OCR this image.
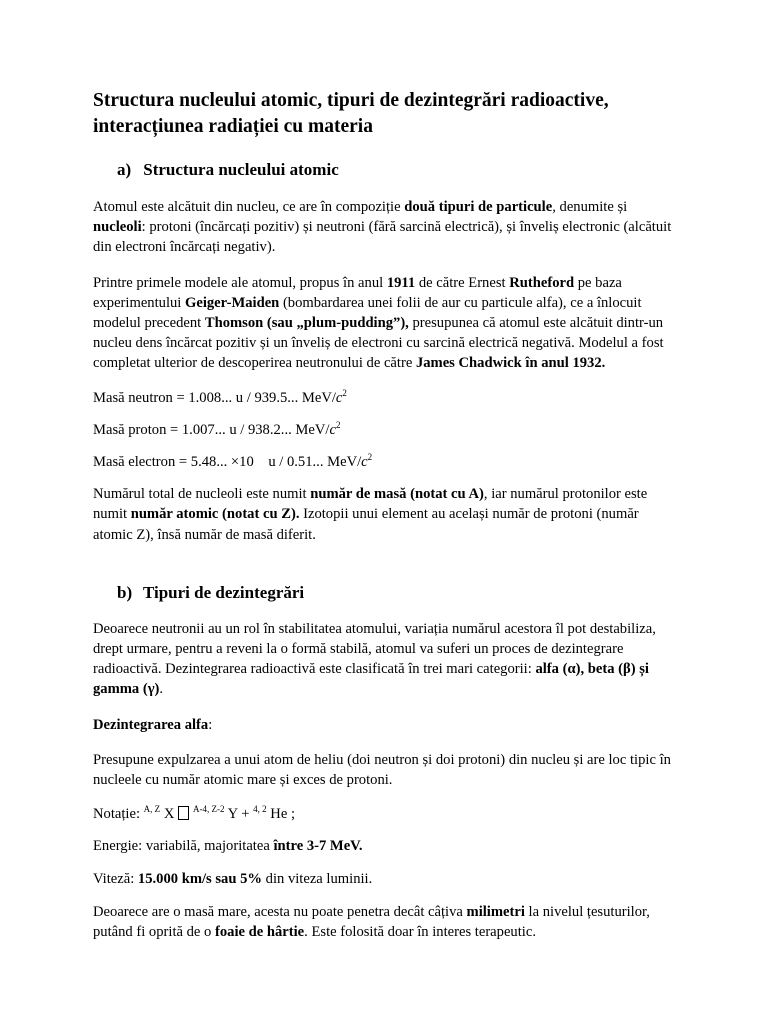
Structura nucleului atomic, tipuri de dezintegrări radioactive, interacțiunea radiației cu materia
a) Structura nucleului atomic

Atomul este alcătuit din nucleu, ce are în compoziție două tipuri de particule, denumite și nucleoli: protoni (încărcați pozitiv) și neutroni (fără sarcină electrică), și înveliș electronic (alcătuit din electroni încărcați negativ).

Printre primele modele ale atomul, propus în anul 1911 de către Ernest Rutheford pe baza experimentului Geiger-Maiden (bombardarea unei folii de aur cu particule alfa), ce a înlocuit modelul precedent Thomson (sau „plum-pudding”), presupunea că atomul este alcătuit dintr-un nucleu dens încărcat pozitiv și un înveliș de electroni cu sarcină electrică negativă. Modelul a fost completat ulterior de descoperirea neutronului de către James Chadwick în anul 1932.

Masă neutron = 1.008... u / 939.5... MeV/$c^2$

Masă proton = 1.007... u / 938.2... MeV/$c^2$

Masă electron = 5.48... ×10    u / 0.51... MeV/$c^2$

Numărul total de nucleoli este numit număr de masă (notat cu A), iar numărul protonilor este numit număr atomic (notat cu Z). Izotopii unui element au același număr de protoni (număr atomic Z), însă număr de masă diferit.

b) Tipuri de dezintegrări

Deoarece neutronii au un rol în stabilitatea atomului, variația numărul acestora îl pot destabiliza, drept urmare, pentru a reveni la o formă stabilă, atomul va suferi un proces de dezintegrare radioactivă. Dezintegrarea radioactivă este clasificată în trei mari categorii: alfa (α), beta (β) și gamma (γ).

Dezintegrarea alfa:

Presupune expulzarea a unui atom de heliu (doi neutron și doi protoni) din nucleu și are loc tipic în nucleele cu număr atomic mare și exces de protoni.

Notație: $^{A, Z}$ X $^{A-4, Z-2}$ Y + $^{4, 2}$ He ;

Energie: variabilă, majoritatea între 3-7 MeV.

Viteză: 15.000 km/s sau 5% din viteza luminii.

Deoarece are o masă mare, acesta nu poate penetra decât câțiva milimetri la nivelul țesuturilor, putând fi oprită de o foaie de hârtie. Este folosită doar în interes terapeutic.
